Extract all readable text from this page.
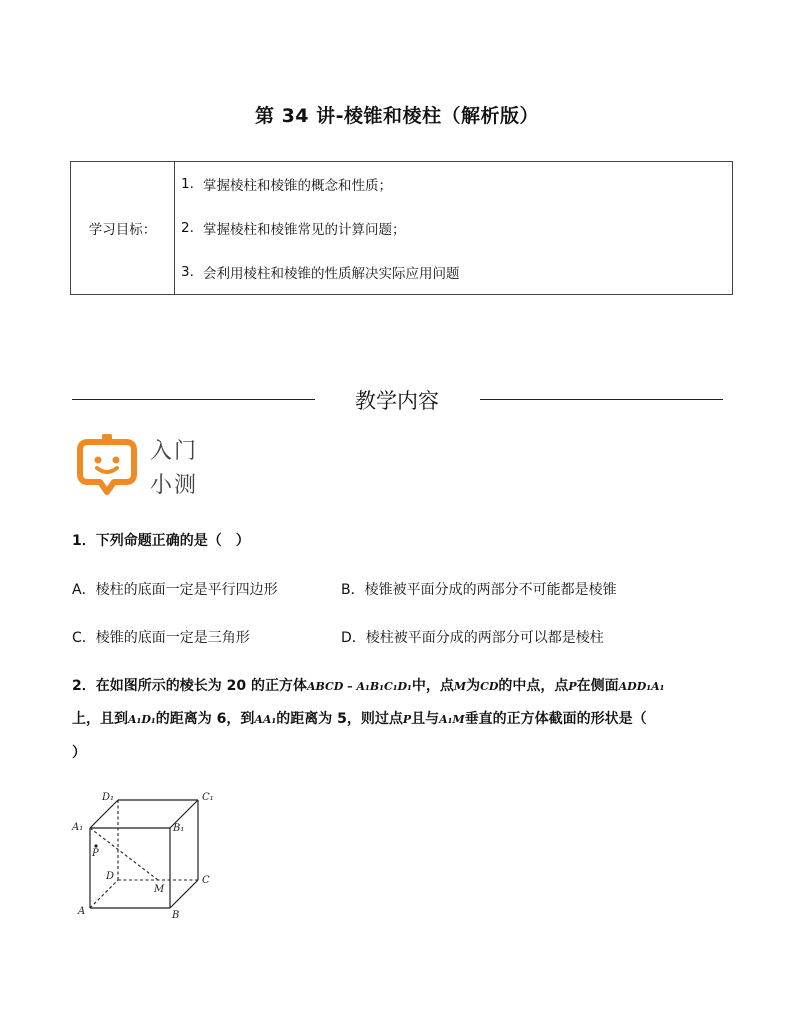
第 34 讲-棱锥和棱柱（解析版）
学习目标：	
1. 掌握棱柱和棱锥的概念和性质；
2. 掌握棱柱和棱锥常见的计算问题；
3. 会利用棱柱和棱锥的性质解决实际应用问题
教学内容
入门
小测
1．下列命题正确的是（　）
A．棱柱的底面一定是平行四边形	B．棱锥被平面分成的两部分不可能都是棱锥
C．棱锥的底面一定是三角形	D．棱柱被平面分成的两部分可以都是棱柱
2．在如图所示的棱长为 20 的正方体ABCD – A₁B₁C₁D₁中，点M为CD的中点，点P在侧面ADD₁A₁
上，且到A₁D₁的距离为 6，到AA₁的距离为 5，则过点P且与A₁M垂直的正方体截面的形状是（
）
D₁	C₁
A₁	B₁
P
D
M
C
A	B
